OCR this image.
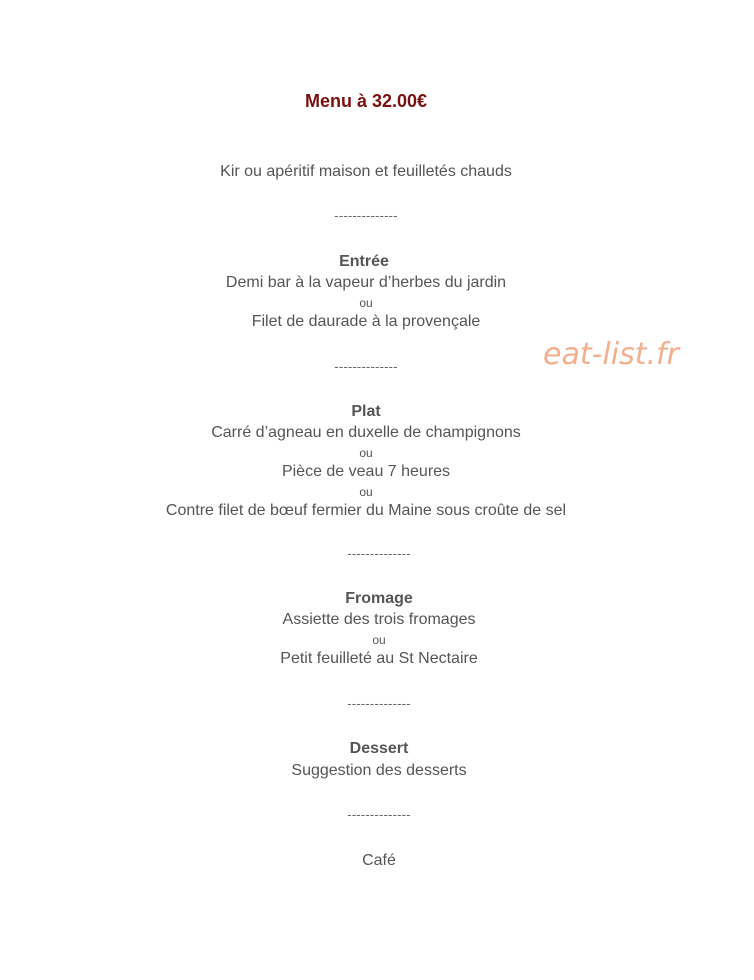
Menu à 32.00€
Kir ou apéritif maison et feuilletés chauds
--------------
Entrée
Demi bar à la vapeur d’herbes du jardin
ou
Filet de daurade à la provençale
--------------
Plat
Carré d’agneau en duxelle de champignons
ou
Pièce de veau 7 heures
ou
Contre filet de bœuf fermier du Maine sous croûte de sel
--------------
Fromage
Assiette des trois fromages
ou
Petit feuilleté au St Nectaire
--------------
Dessert
Suggestion des desserts
--------------
Café
eat-list.fr
